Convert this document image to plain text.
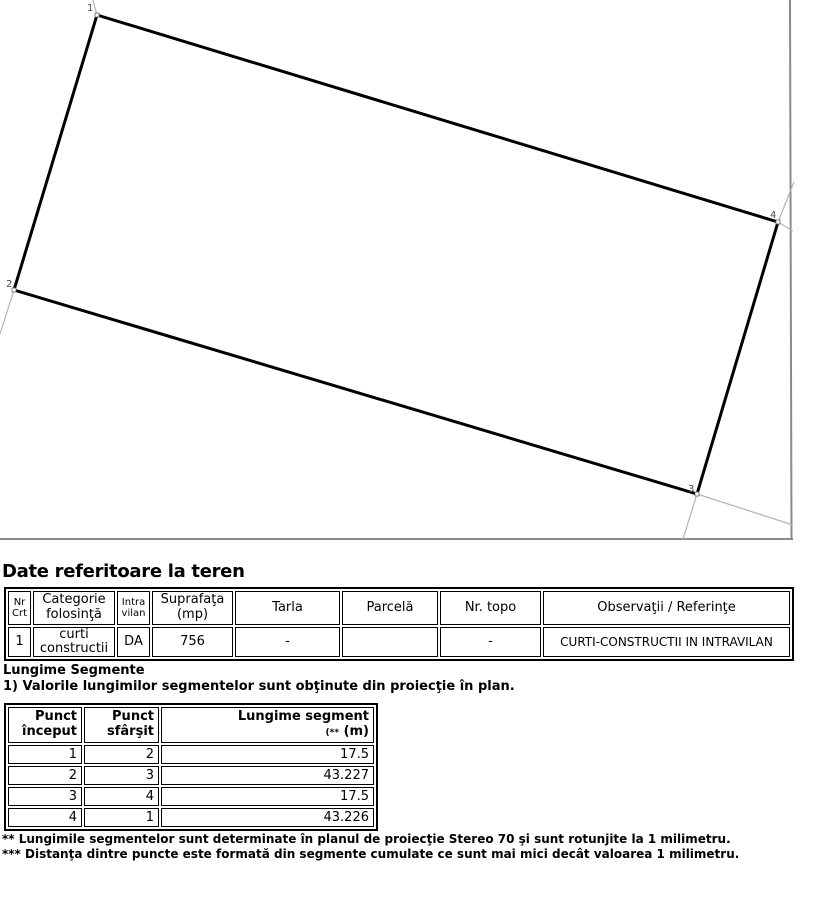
1
2
3
4
Date referitoare la teren
Nr Crt	Categorie folosinţă	Intra vilan	Suprafaţa (mp)	Tarla	Parcelă	Nr. topo	Observaţii / Referinţe
1	curti constructii	DA	756	-		-	CURTI-CONSTRUCTII IN INTRAVILAN
Lungime Segmente
1) Valorile lungimilor segmentelor sunt obţinute din proiecţie în plan.
Punct început	Punct sfârşit	Lungime segment
(** (m)

1	2	17.5
2	3	43.227
3	4	17.5
4	1	43.226
** Lungimile segmentelor sunt determinate în planul de proiecţie Stereo 70 şi sunt rotunjite la 1 milimetru.
*** Distanţa dintre puncte este formată din segmente cumulate ce sunt mai mici decât valoarea 1 milimetru.
